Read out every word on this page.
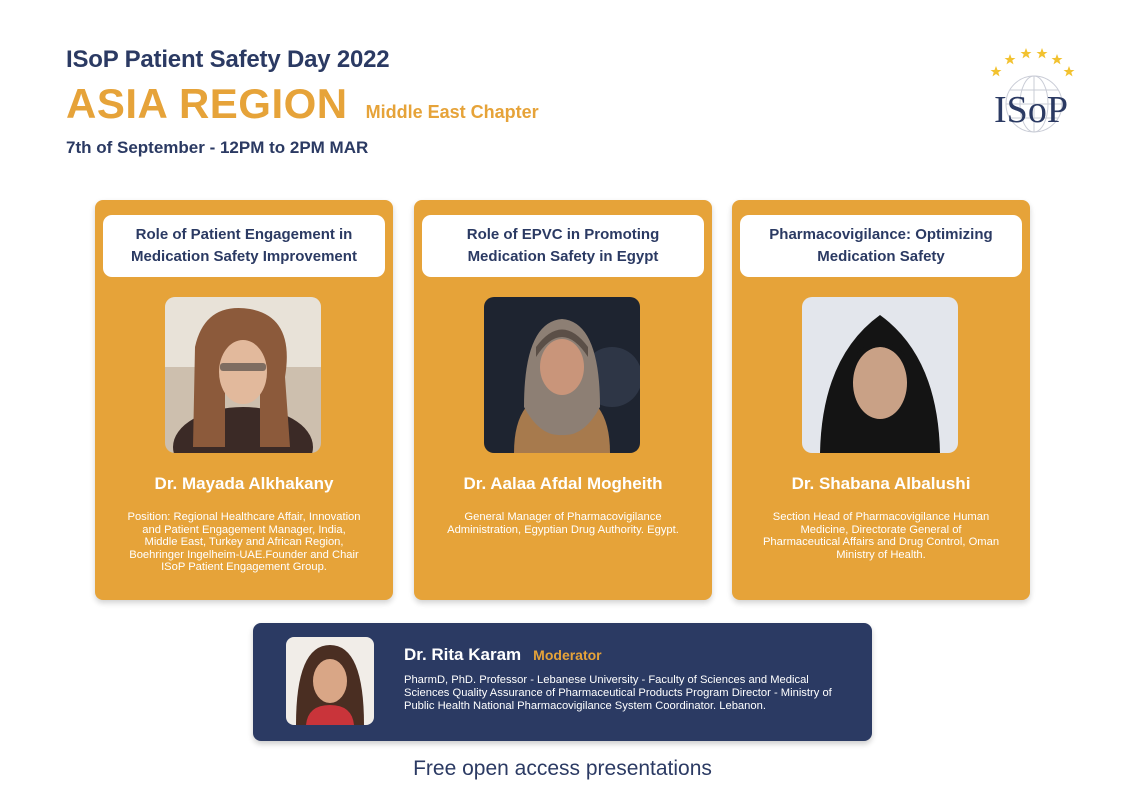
ISoP Patient Safety Day 2022
ASIA REGION Middle East Chapter
7th of September - 12PM to 2PM MAR
ISoP
Role of Patient Engagement in Medication Safety Improvement
Dr. Mayada Alkhakany
Position: Regional Healthcare Affair, Innovation and Patient Engagement Manager, India, Middle East, Turkey and African Region, Boehringer Ingelheim-UAE.Founder and Chair ISoP Patient Engagement Group.
Role of EPVC in Promoting Medication Safety in Egypt
Dr. Aalaa Afdal Mogheith
General Manager of Pharmacovigilance Administration, Egyptian Drug Authority. Egypt.
Pharmacovigilance: Optimizing Medication Safety
Dr. Shabana Albalushi
Section Head of Pharmacovigilance Human Medicine, Directorate General of Pharmaceutical Affairs and Drug Control, Oman Ministry of Health.
Dr. Rita Karam Moderator
PharmD, PhD. Professor - Lebanese University - Faculty of Sciences and Medical Sciences Quality Assurance of Pharmaceutical Products Program Director - Ministry of Public Health National Pharmacovigilance System Coordinator. Lebanon.
Free open access presentations
